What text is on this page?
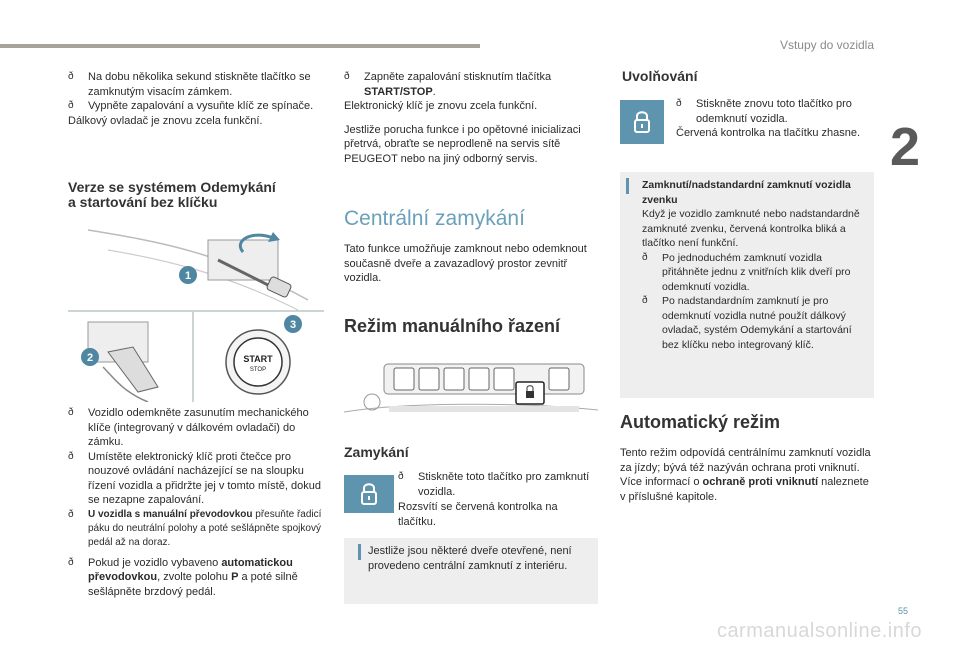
Vstupy do vozidla
2
ð Na dobu několika sekund stiskněte tlačítko se zamknutým visacím zámkem.
ð Vypněte zapalování a vysuňte klíč ze spínače.
Dálkový ovladač je znovu zcela funkční.
Verze se systémem Odemykání
a startování bez klíčku
1
2	START
STOP
3
ð Vozidlo odemkněte zasunutím mechanického klíče (integrovaný v dálkovém ovladači) do zámku.
ð Umístěte elektronický klíč proti čtečce pro nouzové ovládání nacházející se na sloupku řízení vozidla a přidržte jej v tomto místě, dokud se nezapne zapalování.
ð U vozidla s manuální převodovkou přesuňte řadicí páku do neutrální polohy a poté sešlápněte spojkový pedál až na doraz.
ð Pokud je vozidlo vybaveno automatickou převodovkou, zvolte polohu P a poté silně sešlápněte brzdový pedál.
ð Zapněte zapalování stisknutím tlačítka START/STOP.
Elektronický klíč je znovu zcela funkční.
Jestliže porucha funkce i po opětovné inicializaci přetrvá, obraťte se neprodleně na servis sítě PEUGEOT nebo na jiný odborný servis.
Centrální zamykání
Tato funkce umožňuje zamknout nebo odemknout současně dveře a zavazadlový prostor zevnitř vozidla.
Režim manuálního řazení
Zamykání
ð Stiskněte toto tlačítko pro zamknutí vozidla.
Rozsvítí se červená kontrolka na tlačítku.
Jestliže jsou některé dveře otevřené, není provedeno centrální zamknutí z interiéru.
Uvolňování
ð Stiskněte znovu toto tlačítko pro odemknutí vozidla.
Červená kontrolka na tlačítku zhasne.
Zamknutí/nadstandardní zamknutí vozidla zvenku
Když je vozidlo zamknuté nebo nadstandardně zamknuté zvenku, červená kontrolka bliká a tlačítko není funkční.
ð Po jednoduchém zamknutí vozidla přitáhněte jednu z vnitřních klik dveří pro odemknutí vozidla.
ð Po nadstandardním zamknutí je pro odemknutí vozidla nutné použít dálkový ovladač, systém Odemykání a startování bez klíčku nebo integrovaný klíč.
Automatický režim
Tento režim odpovídá centrálnímu zamknutí vozidla za jízdy; bývá též nazýván ochrana proti vniknutí.
Více informací o ochraně proti vniknutí naleznete v příslušné kapitole.
55
carmanualsonline.info
